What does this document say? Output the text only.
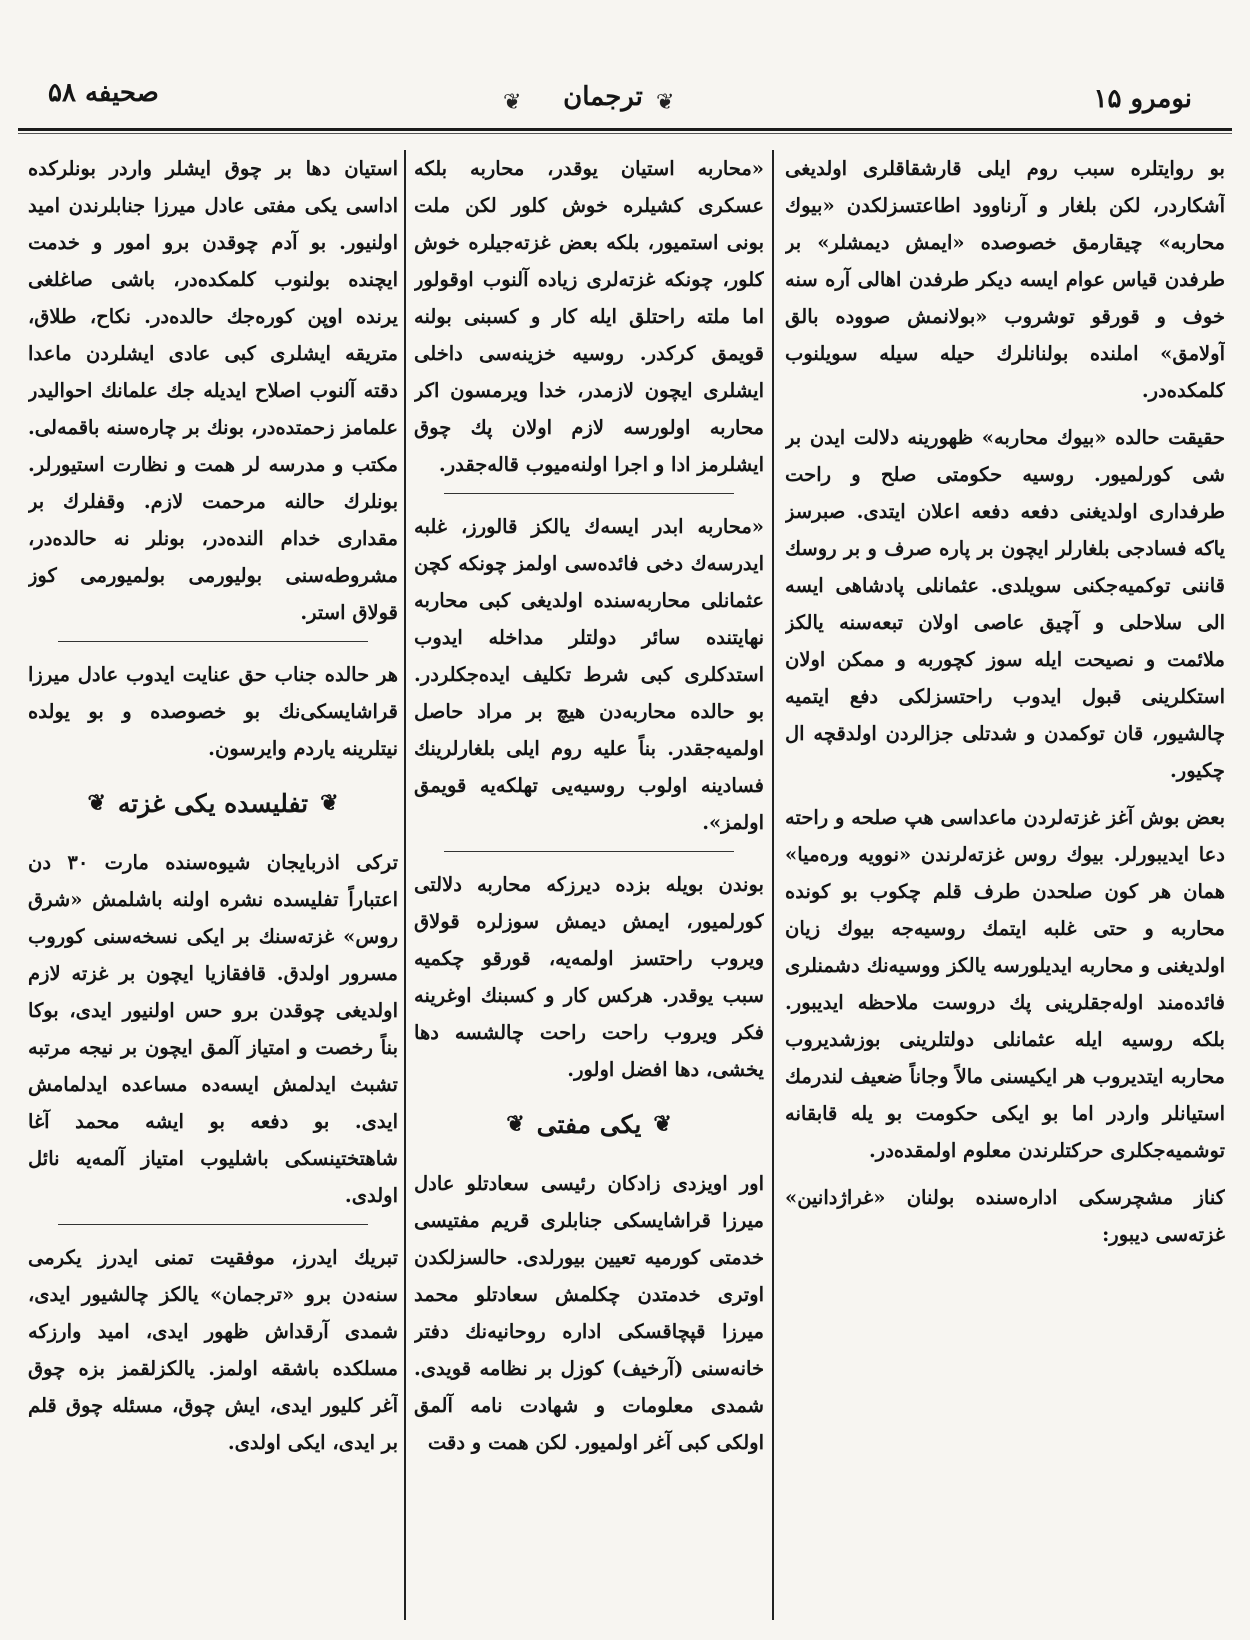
صحیفه ۵۸	❦	ترجمان ❦	نومرو ۱۵

بو روایتلره سبب روم ایلی قارشقاقلری اولدیغی آشکاردر، لکن بلغار و آرناوود اطاعتسزلکدن «بیوك محاربه» چیقارمق خصوصده «ایمش دیمشلر» بر طرفدن قیاس عوام ایسه دیکر طرفدن اهالی آره سنه خوف و قورقو توشروب «بولانمش صووده بالق آولامق» املنده بولنانلرك حیله سیله سویلنوب کلمکده‌در.

حقیقت حالده «بیوك محاربه» ظهورینه دلالت ایدن بر شی کورلمیور. روسیه حکومتی صلح و راحت طرفداری اولدیغنی دفعه دفعه اعلان ایتدی. صبرسز یاکه فسادجی بلغارلر ایچون بر پاره صرف و بر روسك قاننی توکمیه‌جکنی سویلدی. عثمانلی پادشاهی ایسه الی سلاحلی و آچیق عاصی اولان تبعه‌سنه یالکز ملائمت و نصیحت ایله سوز کچوربه و ممکن اولان استکلرینی قبول ایدوب راحتسزلکی دفع ایتمیه چالشیور، قان توکمدن و شدتلی جزالردن اولدقچه ال چکیور.

بعض بوش آغز غزته‌لردن ماعداسی هپ صلحه و راحته دعا ایدیبورلر. بیوك روس غزته‌لرندن «نوویه وره‌میا» همان هر کون صلحدن طرف قلم چکوب بو کونده محاربه و حتی غلبه ایتمك روسیه‌جه بیوك زیان اولدیغنی و محاربه ایدیلورسه یالکز ووسیه‌نك دشمنلری فائده‌مند اوله‌جقلرینی پك دروست ملاحظه ایدیبور. بلکه روسیه ایله عثمانلی دولتلرینی بوزشدیروب محاربه ایتدیروب هر ایکیسنی مالاً وجاناً ضعیف لندرمك استیانلر واردر اما بو ایکی حکومت بو یله قابقانه توشمیه‌جکلری حرکتلرندن معلوم اولمقده‌در.

کناز مشچرسکی اداره‌سنده بولنان «غراژدانین» غزته‌سی دیبور:

«محاربه استیان یوقدر، محاربه بلکه عسکری کشیلره خوش کلور لکن ملت بونی استمیور، بلکه بعض غزته‌جیلره خوش کلور، چونکه غزته‌لری زیاده آلنوب اوقولور اما ملته راحتلق ایله کار و کسبنی بولنه قویمق کرکدر. روسیه خزینه‌سی داخلی ایشلری ایچون لازمدر، خدا ویرمسون اکر محاربه اولورسه لازم اولان پك چوق ایشلرمز ادا و اجرا اولنه‌میوب قاله‌جقدر.

«محاربه ابدر ایسه‌ك یالکز قالورز، غلبه ایدرسه‌ك دخی فائده‌سی اولمز چونکه کچن عثمانلی محاربه‌سنده اولدیغی کبی محاربه نهایتنده سائر دولتلر مداخله ایدوب استدکلری کبی شرط تکلیف ایده‌جکلردر. بو حالده محاربه‌دن هیچ بر مراد حاصل اولمیه‌جقدر. بناً علیه روم ایلی بلغارلرینك فسادینه اولوب روسیه‌یی تهلکه‌یه قویمق اولمز».

بوندن بویله بزده دیرزکه محاربه دلالتی کورلمیور، ایمش دیمش سوزلره قولاق ویروب راحتسز اولمه‌یه، قورقو چکمیه سبب یوقدر. هرکس کار و کسبنك اوغرینه فکر ویروب راحت راحت چالشسه دها یخشی، دها افضل اولور.

❦
یکی مفتی
❦

اور اویزدی زادکان رئیسی سعادتلو عادل میرزا قراشایسکی جنابلری قریم مفتیسی خدمتی کورمیه تعیین بیورلدی. حالسزلکدن اوتری خدمتدن چکلمش سعادتلو محمد میرزا قپچاقسکی اداره روحانیه‌نك دفتر خانه‌سنی (آرخیف) کوزل بر نظامه قویدی. شمدی معلومات و شهادت نامه آلمق اولکی کبی آغر اولمیور. لکن همت و دقت

استیان دها بر چوق ایشلر واردر بونلرکده اداسی یکی مفتی عادل میرزا جنابلرندن امید اولنیور. بو آدم چوقدن برو امور و خدمت ایچنده بولنوب کلمکده‌در، باشی صاغلغی یرنده اوپن کوره‌جك حالده‌در. نکاح، طلاق، متریقه ایشلری کبی عادی ایشلردن ماعدا دقته آلنوب اصلاح ایدیله جك علمانك احوالیدر علمامز زحمتده‌در، بونك بر چاره‌سنه باقمه‌لی. مکتب و مدرسه لر همت و نظارت استیورلر. بونلرك حالنه مرحمت لازم. وقفلرك بر مقداری خدام النده‌در، بونلر نه حالده‌در، مشروطه‌سنی بولیورمی بولمیورمی کوز قولاق استر.

هر حالده جناب حق عنایت ایدوب عادل میرزا قراشایسکی‌نك بو خصوصده و بو یولده نیتلرینه یاردم وایرسون.

❦
تفلیسده یکی غزته
❦

ترکی اذربایجان شیوه‌سنده مارت ۳۰ دن اعتباراً تفلیسده نشره اولنه باشلمش «شرق روس» غزته‌سنك بر ایکی نسخه‌سنی کوروب مسرور اولدق. قافقازیا ایچون بر غزته لازم اولدیغی چوقدن برو حس اولنیور ایدی، بوکا بناً رخصت و امتیاز آلمق ایچون بر نیجه مرتبه تشبث ایدلمش ایسه‌ده مساعده ایدلمامش ایدی. بو دفعه بو ایشه محمد آغا شاهتختینسکی باشلیوب امتیاز آلمه‌یه نائل اولدی.

تبریك ایدرز، موفقیت تمنی ایدرز یکرمی سنه‌دن برو «ترجمان» یالکز چالشیور ایدی، شمدی آرقداش ظهور ایدی، امید وارزکه مسلکده باشقه اولمز. یالکزلقمز بزه چوق آغر کلیور ایدی، ایش چوق، مسئله چوق قلم بر ایدی، ایکی اولدی.
